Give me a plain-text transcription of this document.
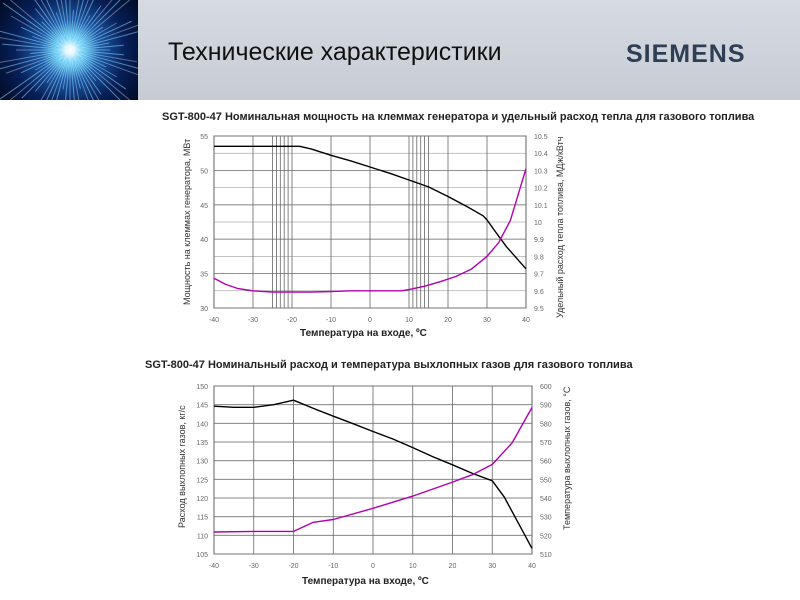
Технические характеристики	SIEMENS
SGT-800-47 Номинальная мощность на клеммах генератора и удельный расход тепла для газового топлива
Температура на входе, ºС
Мощность на клеммах генератора, МВт	Удельный расход тепла топлива, МДж/кВтч
55
50
45
40
35
30
10.5
10.4
10.3
10.2
10.1
10
9.9
9.8
9.7
9.6
9.5
-40	-30	-20	-10	0	10	20	30	40
SGT-800-47 Номинальный расход и температура выхлопных газов для газового топлива
Температура на входе, ºС
Расход выхлопных газов, кг/с	Температура выхлопных газов, °С
150
145
140
135
130
125
120
115
110
105
600
590
580
570
560
550
540
530
520
510
-40	-30	-20	-10	0	10	20	30	40
